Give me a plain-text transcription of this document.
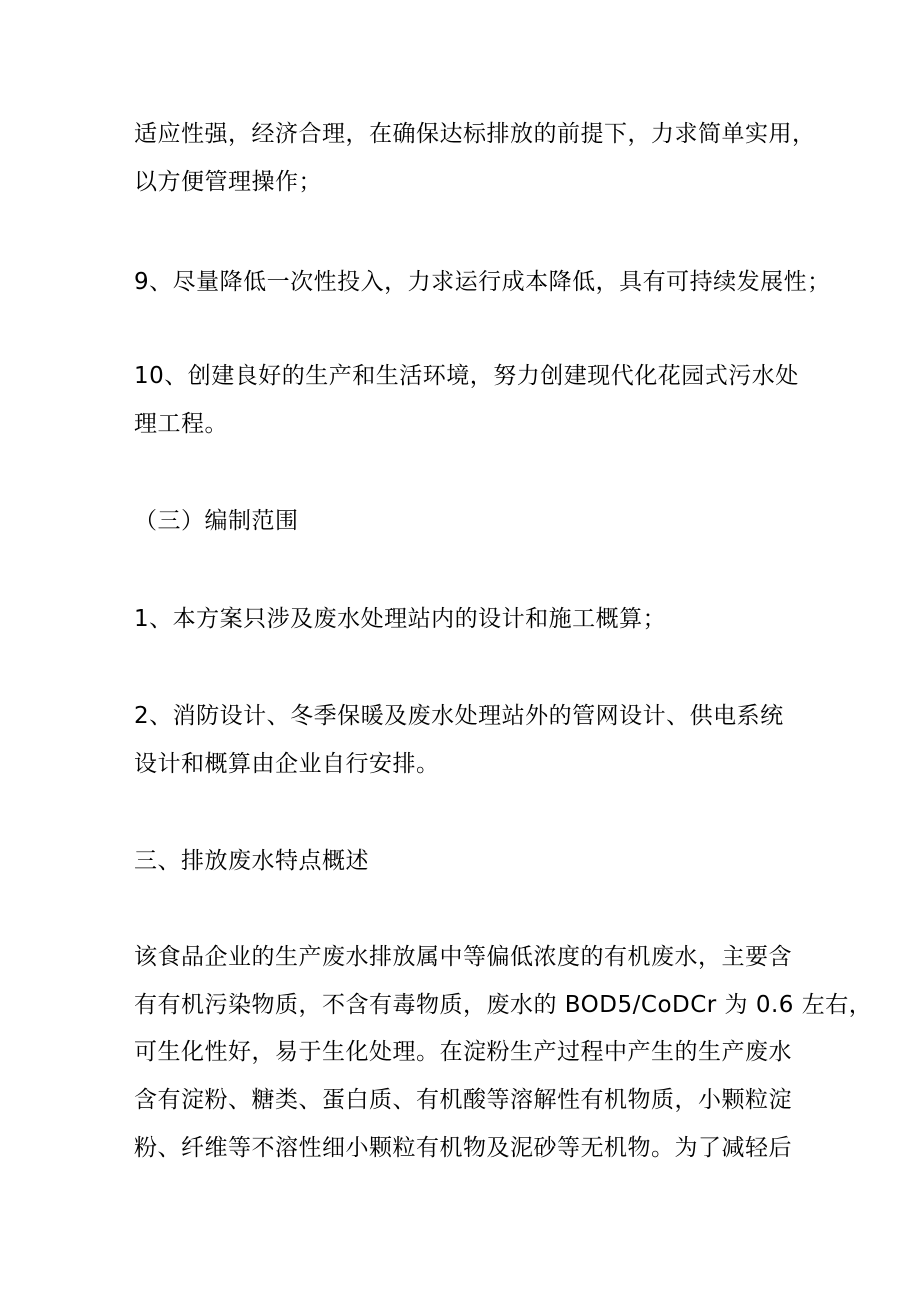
适应性强，经济合理，在确保达标排放的前提下，力求简单实用，
以方便管理操作；
9、尽量降低一次性投入，力求运行成本降低，具有可持续发展性；
10、创建良好的生产和生活环境，努力创建现代化花园式污水处
理工程。
（三）编制范围
1、本方案只涉及废水处理站内的设计和施工概算；
2、消防设计、冬季保暖及废水处理站外的管网设计、供电系统
设计和概算由企业自行安排。
三、排放废水特点概述
该食品企业的生产废水排放属中等偏低浓度的有机废水，主要含
有有机污染物质，不含有毒物质，废水的 BOD5/CoDCr 为 0.6 左右，
可生化性好，易于生化处理。在淀粉生产过程中产生的生产废水
含有淀粉、糖类、蛋白质、有机酸等溶解性有机物质，小颗粒淀
粉、纤维等不溶性细小颗粒有机物及泥砂等无机物。为了减轻后
